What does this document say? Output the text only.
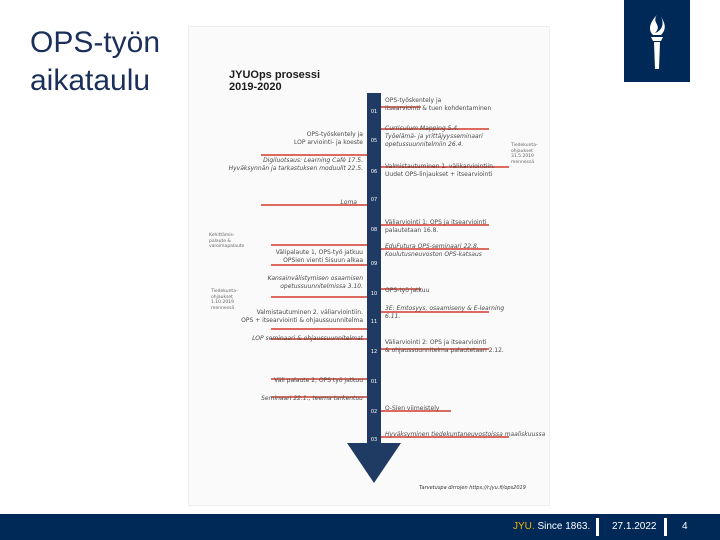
OPS-työn aikataulu	JYUOps prosessi
2019-2020
01
05
06
07
08
09
10
11
12
01
02
03
OPS-työskentely ja
itsearviointi & tuen kohdentaminen
Curriculum Mapping 5.4.
Työelämä- ja yrittäjyysseminaari
opetussuunnitelmiin 26.4.
Valmistautuminen 1. välikarviointiin.
Uudet OPS-linjaukset + itsearviointi
Väliarviointi 1: OPS ja itsearviointi
palautetaan 16.8.
EduFutura OPS-seminaari 22.8.
Koulutusneuvoston OPS-katsaus
OPS-työ jatkuu
3E: Emtosyys, osaamiseny & E-learning
6.11.
Väliarviointi 2: OPS ja itsearviointi
& ohjaussuunnitelma palautetaan 2.12.
O-Sien viimeistely
Hyväksyminen tiedekuntaneuvostoissa maaliskuussa
OPS-työskentely ja
LOP arviointi- ja koeste
Digiluotsaus: Learning Café 17.5.
Hyväksynnän ja tarkastuksen moduulit 22.5.
Loma
Välipalaute 1, OPS-työ jatkuu
OPSien vienti Sisuun alkaa
Kansainvälistymisen osaamisen
opetussuunnitelmissa 3.10.
Valmistautuminen 2. väliarviointiin.
OPS + itsearviointi & ohjaussuunnitelma
LOP seminaari & ohjaussuunnitelmat
Väli palaute 2, OPS työ jatkuu
Seminaari 22.1., teema tarkentuu
Tiedekunta-
ohjaukset
31.5.2019
mennessä
Kehittämis-
palaute &
varoimapalaute
Tiedekunta-
ohjaukset
1.10.2019
mennessä
Tarvetuspa dirrojen https://r.jyu.fi/ops2019
JYU. Since 1863. 27.1.2022	4
